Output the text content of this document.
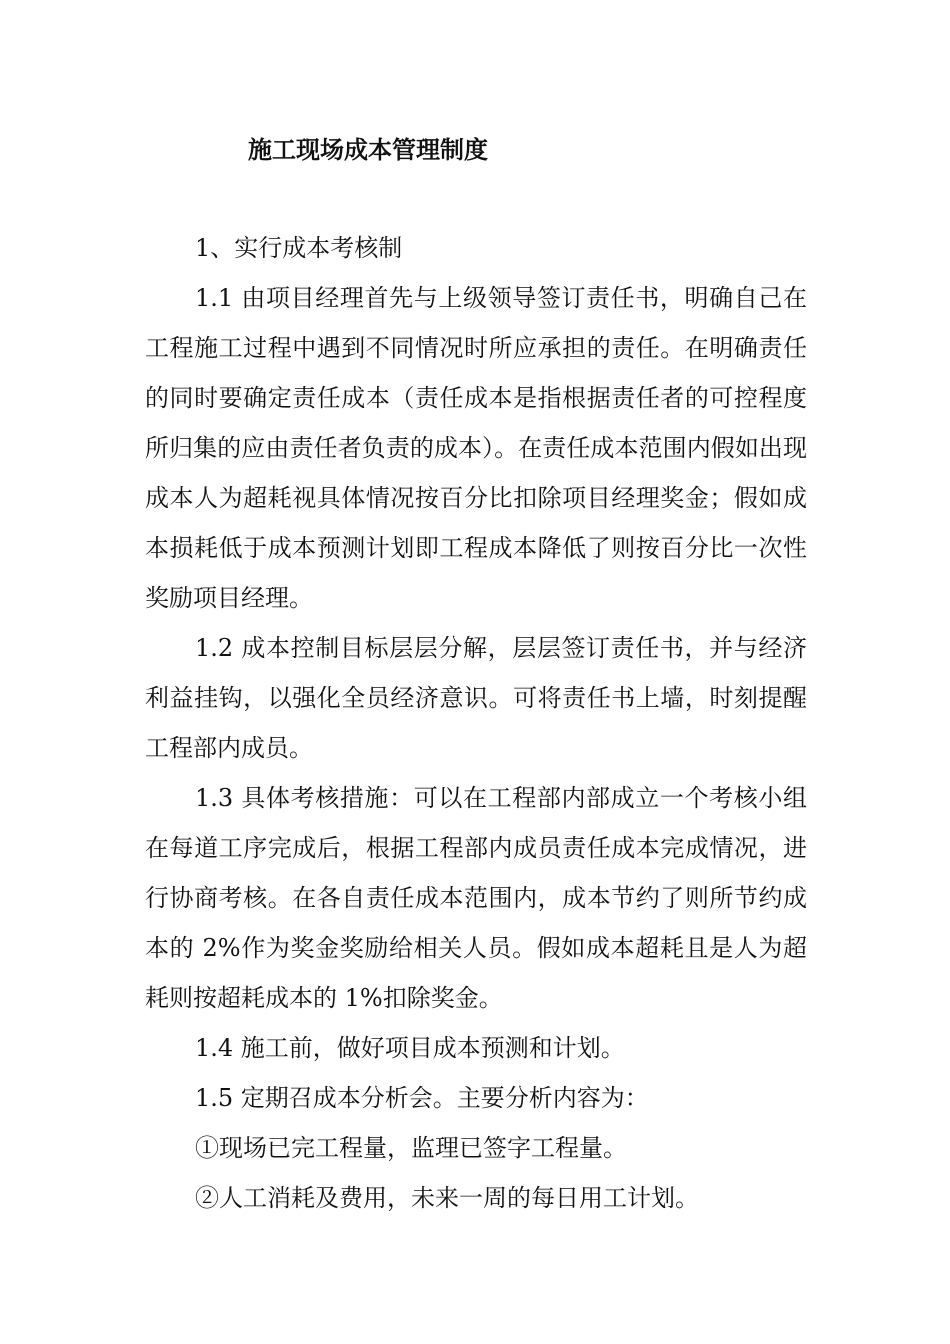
施工现场成本管理制度

1、实行成本考核制

1.1 由项目经理首先与上级领导签订责任书，明确自己在工程施工过程中遇到不同情况时所应承担的责任。在明确责任的同时要确定责任成本（责任成本是指根据责任者的可控程度所归集的应由责任者负责的成本）。在责任成本范围内假如出现成本人为超耗视具体情况按百分比扣除项目经理奖金；假如成本损耗低于成本预测计划即工程成本降低了则按百分比一次性奖励项目经理。

1.2 成本控制目标层层分解，层层签订责任书，并与经济利益挂钩，以强化全员经济意识。可将责任书上墙，时刻提醒工程部内成员。

1.3 具体考核措施：可以在工程部内部成立一个考核小组在每道工序完成后，根据工程部内成员责任成本完成情况，进行协商考核。在各自责任成本范围内，成本节约了则所节约成本的 2%作为奖金奖励给相关人员。假如成本超耗且是人为超耗则按超耗成本的 1%扣除奖金。

1.4 施工前，做好项目成本预测和计划。

1.5 定期召成本分析会。主要分析内容为：

①现场已完工程量，监理已签字工程量。

②人工消耗及费用，未来一周的每日用工计划。
